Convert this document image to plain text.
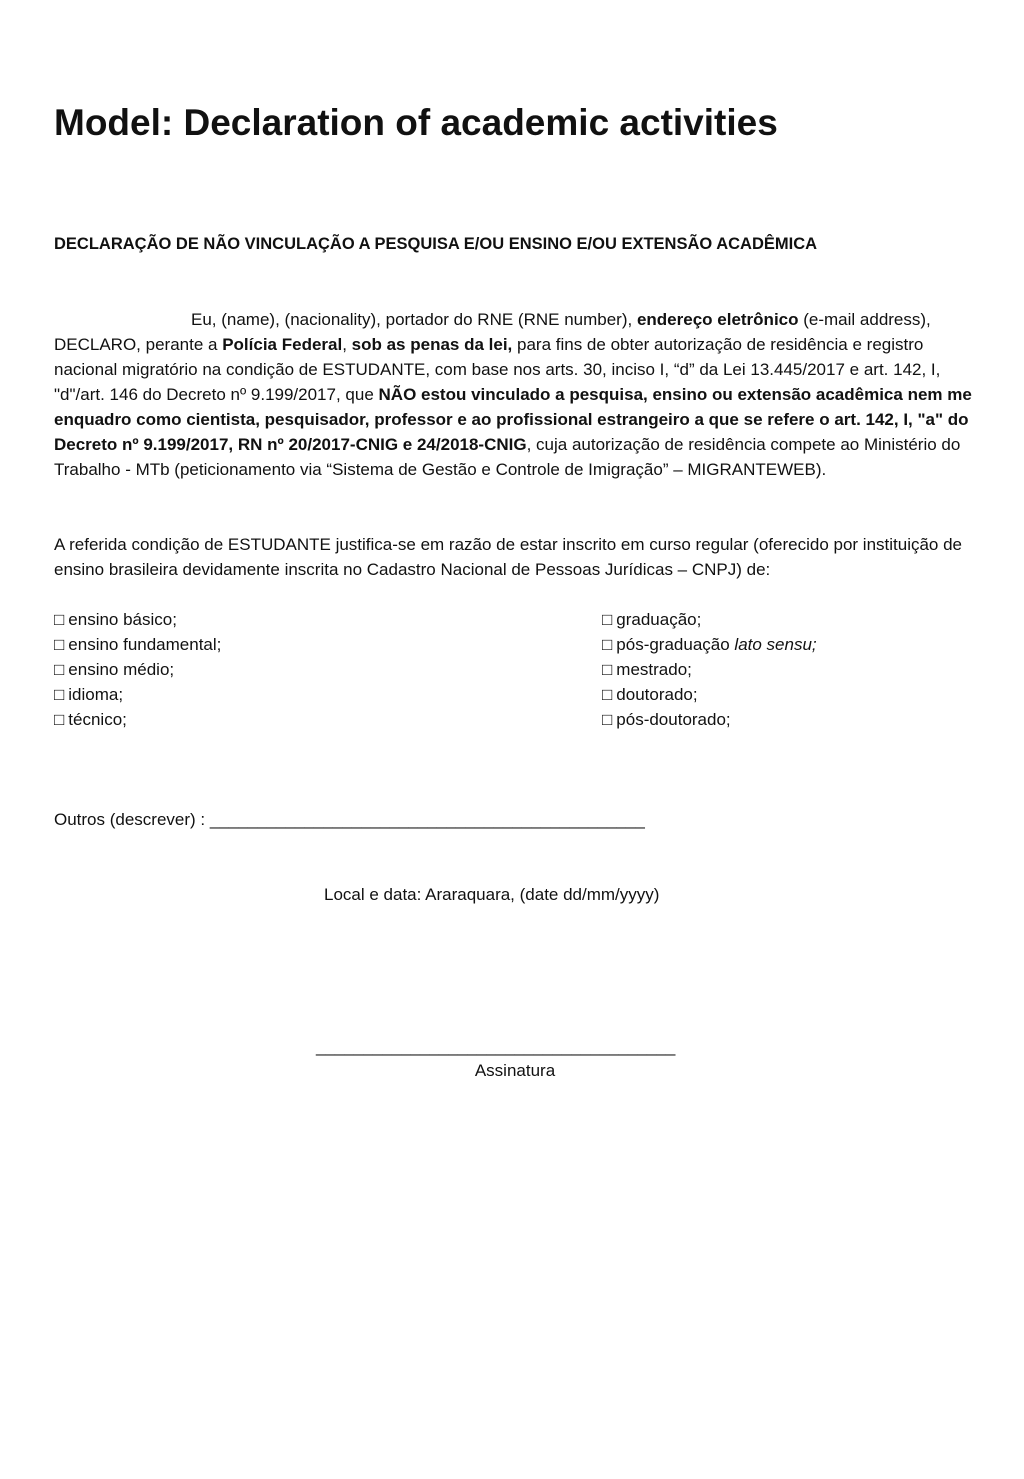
Model: Declaration of academic activities
DECLARAÇÃO DE NÃO VINCULAÇÃO A PESQUISA E/OU ENSINO E/OU EXTENSÃO ACADÊMICA

Eu, (name), (nacionality), portador do RNE (RNE number), endereço eletrônico (e-mail address), DECLARO, perante a Polícia Federal, sob as penas da lei, para fins de obter autorização de residência e registro nacional migratório na condição de ESTUDANTE, com base nos arts. 30, inciso I, “d” da Lei 13.445/2017 e art. 142, I, "d"/art. 146 do Decreto nº 9.199/2017, que NÃO estou vinculado a pesquisa, ensino ou extensão acadêmica nem me enquadro como cientista, pesquisador, professor e ao profissional estrangeiro a que se refere o art. 142, I, "a" do Decreto nº 9.199/2017, RN nº 20/2017-CNIG e 24/2018-CNIG, cuja autorização de residência compete ao Ministério do Trabalho - MTb (peticionamento via “Sistema de Gestão e Controle de Imigração” – MIGRANTEWEB).

A referida condição de ESTUDANTE justifica-se em razão de estar inscrito em curso regular (oferecido por instituição de ensino brasileira devidamente inscrita no Cadastro Nacional de Pessoas Jurídicas – CNPJ) de:

□ ensino básico;
□ ensino fundamental;
□ ensino médio;
□ idioma;
□ técnico;
□ graduação;
□ pós-graduação lato sensu;
□ mestrado;
□ doutorado;
□ pós-doutorado;

Outros (descrever) : ______________________________________________

Local e data: Araraquara, (date dd/mm/yyyy)

______________________________________

Assinatura
